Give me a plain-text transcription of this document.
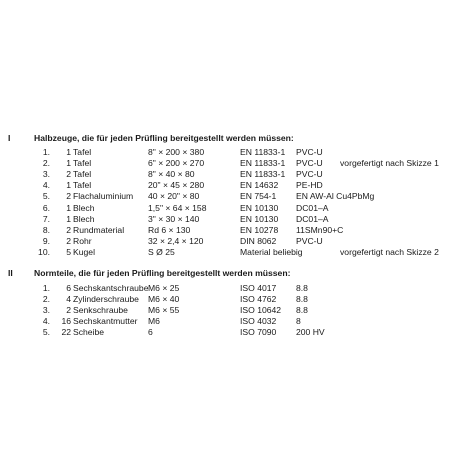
I	Halbzeuge, die für jeden Prüfling bereitgestellt werden müssen:
1.	1 Tafel	8" × 200 × 380	EN 11833-1 PVC-U
2.	1 Tafel	6" × 200 × 270	EN 11833-1 PVC-U vorgefertigt nach Skizze 1
3.	2 Tafel	8" × 40 × 80	EN 11833-1 PVC-U
4.	1 Tafel	20" × 45 × 280	EN 14632 PE-HD
5.	2 Flachaluminium 40 × 20" × 80	EN 754-1 EN AW-Al Cu4PbMg
6.	1 Blech	1,5" × 64 × 158	EN 10130 DC01–A
7.	1 Blech	3" × 30 × 140	EN 10130 DC01–A
8.	2 Rundmaterial	Rd 6 × 130	EN 10278 11SMn90+C
9.	2 Rohr	32 × 2,4 × 120	DIN 8062 PVC-U
10.	5 Kugel	S Ø 25	Material beliebig	vorgefertigt nach Skizze 2
II Normteile, die für jeden Prüfling bereitgestellt werden müssen:
1.	6 Sechskantschraube M6 × 25	ISO 4017 8.8
2.	4 Zylinderschraube M6 × 40	ISO 4762 8.8
3.	2 Senkschraube M6 × 55	ISO 10642 8.8
4.	16 Sechskantmutter M6	ISO 4032 8
5.	22 Scheibe	6	ISO 7090 200 HV
